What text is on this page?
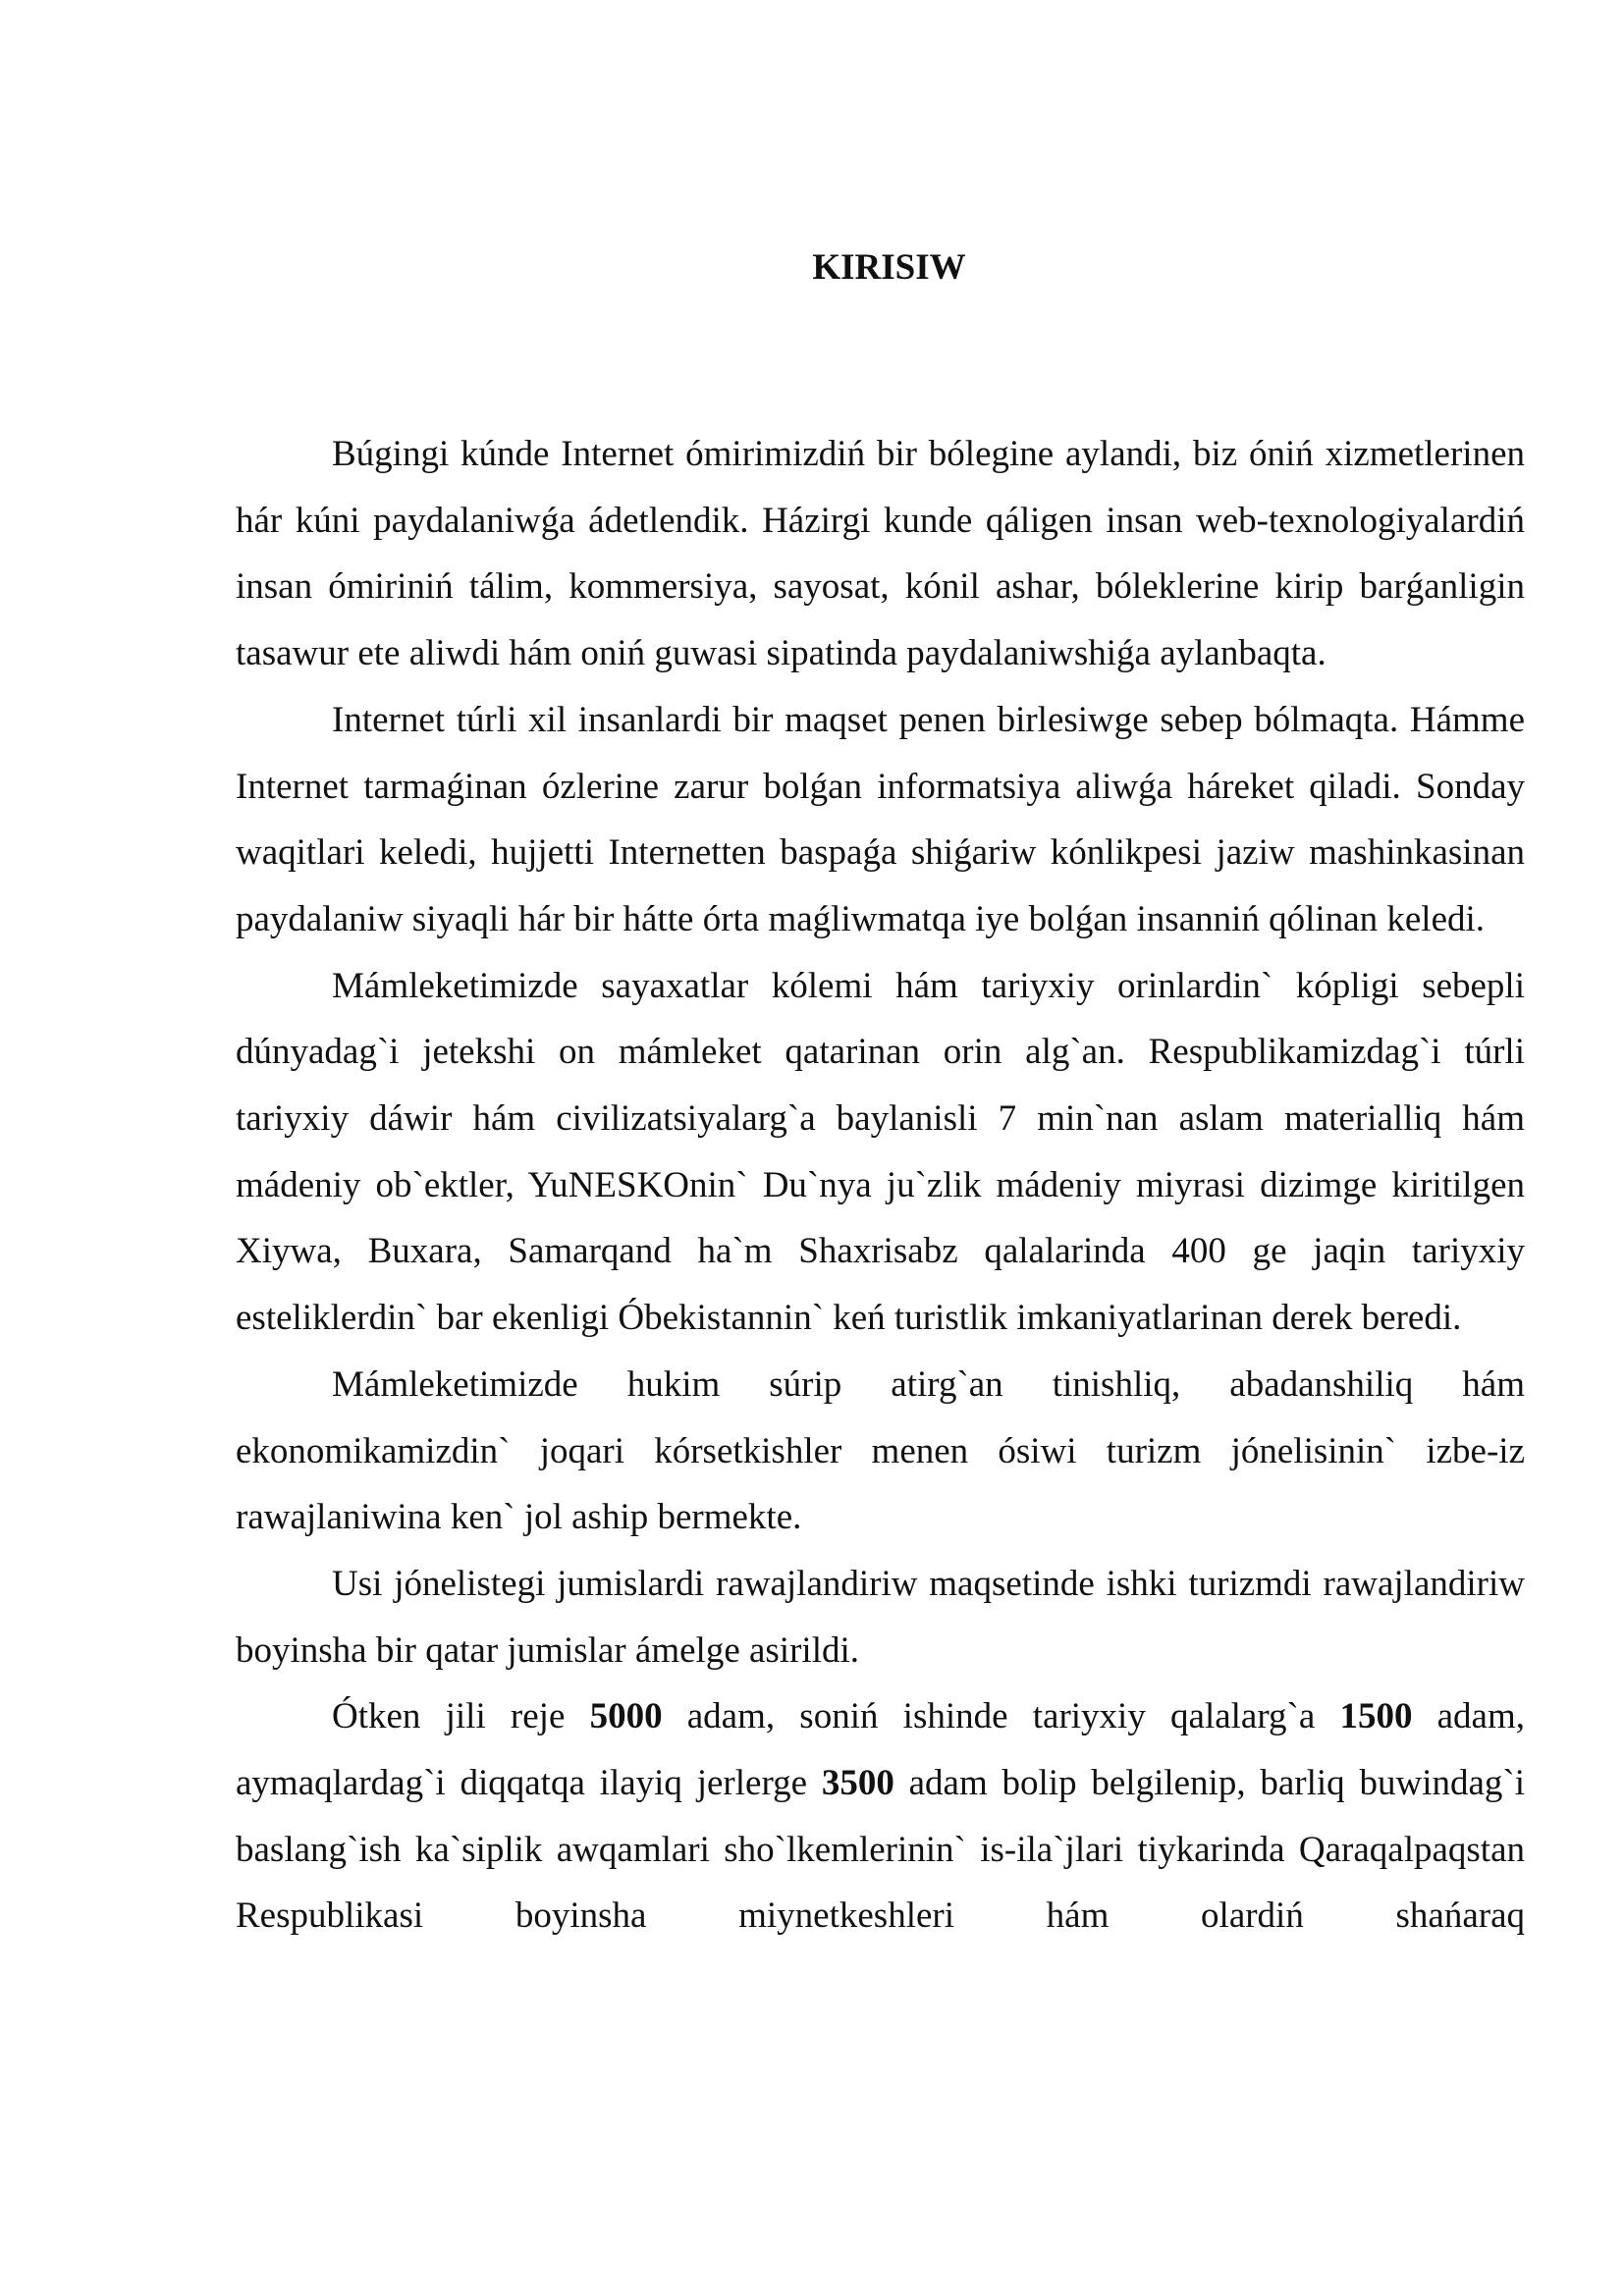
KIRISIW

Búgingi kúnde Internet ómirimizdiń bir bólegine aylandi, biz óniń xizmetlerinen hár kúni paydalaniwǵa ádetlendik. Házirgi kunde qáligen insan web-texnologiyalardiń insan ómiriniń tálim, kommersiya, sayosat, kónil ashar, bóleklerine kirip barǵanligin tasawur ete aliwdi hám oniń guwasi sipatinda paydalaniwshiǵa aylanbaqta.

Internet túrli xil insanlardi bir maqset penen birlesiwge sebep bólmaqta. Hámme Internet tarmaǵinan ózlerine zarur bolǵan informatsiya aliwǵa háreket qiladi. Sonday waqitlari keledi, hujjetti Internetten baspaǵa shiǵariw kónlikpesi jaziw mashinkasinan paydalaniw siyaqli hár bir hátte órta maǵliwmatqa iye bolǵan insanniń qólinan keledi.

Mámleketimizde sayaxatlar kólemi hám tariyxiy orinlardin` kópligi sebepli dúnyadag`i jetekshi on mámleket qatarinan orin alg`an. Respublikamizdag`i túrli tariyxiy dáwir hám civilizatsiyalarg`a baylanisli 7 min`nan aslam materialliq hám mádeniy ob`ektler, YuNESKOnin` Du`nya ju`zlik mádeniy miyrasi dizimge kiritilgen Xiywa, Buxara, Samarqand ha`m Shaxrisabz qalalarinda 400 ge jaqin tariyxiy esteliklerdin` bar ekenligi Óbekistannin` keń turistlik imkaniyatlarinan derek beredi.

Mámleketimizde hukim súrip atirg`an tinishliq, abadanshiliq hám ekonomikamizdin` joqari kórsetkishler menen ósiwi turizm jónelisinin` izbe-iz rawajlaniwina ken` jol aship bermekte.

Usi jónelistegi jumislardi rawajlandiriw maqsetinde ishki turizmdi rawajlandiriw boyinsha bir qatar jumislar ámelge asirildi.

Ótken jili reje 5000 adam, soniń ishinde tariyxiy qalalarg`a 1500 adam, aymaqlardag`i diqqatqa ilayiq jerlerge 3500 adam bolip belgilenip, barliq buwindag`i baslang`ish ka`siplik awqamlari sho`lkemlerinin` is-ila`jlari tiykarinda Qaraqalpaqstan Respublikasi boyinsha miynetkeshleri hám olardiń shańaraq
